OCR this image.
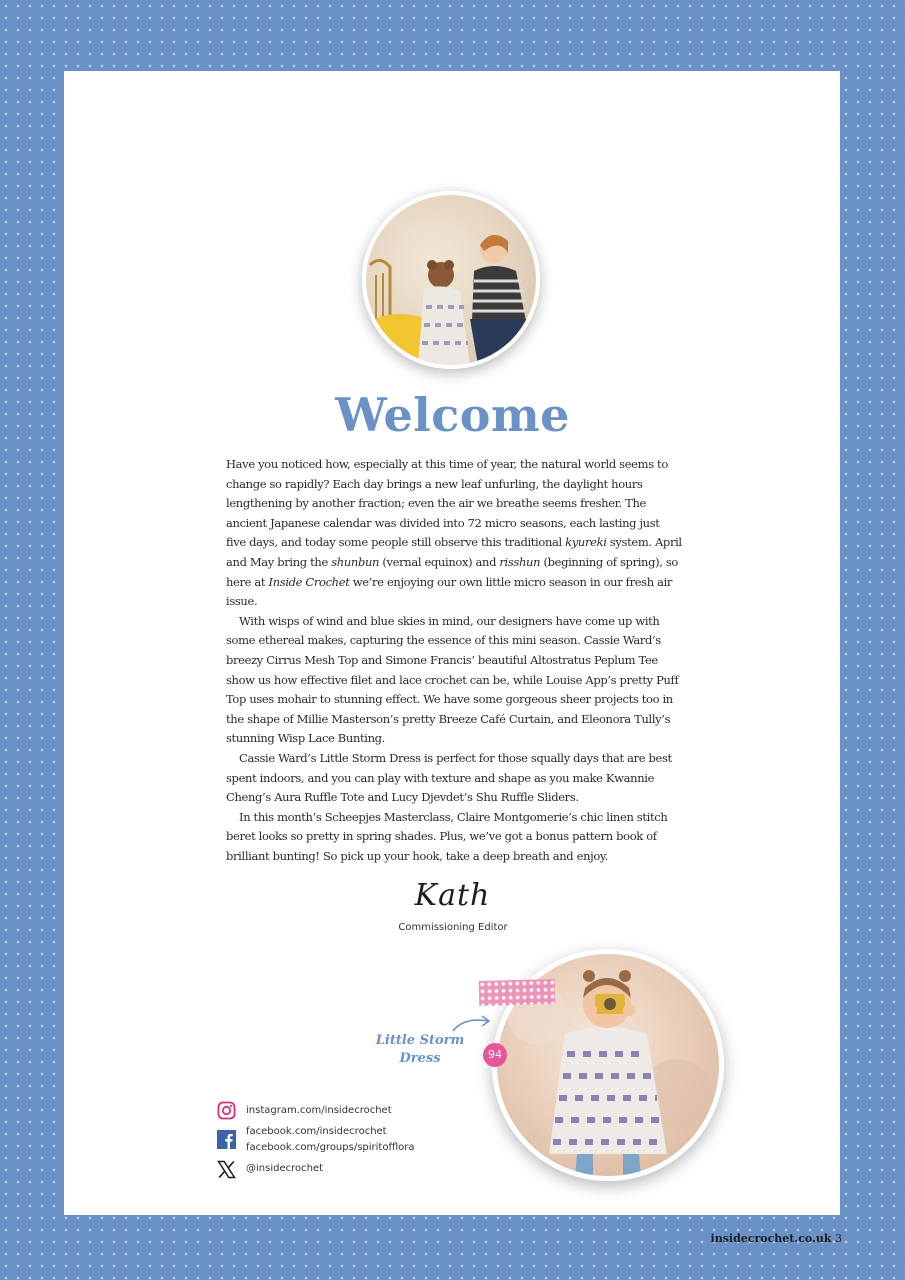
Welcome

Have you noticed how, especially at this time of year, the natural world seems to change so rapidly? Each day brings a new leaf unfurling, the daylight hours lengthening by another fraction; even the air we breathe seems fresher. The ancient Japanese calendar was divided into 72 micro seasons, each lasting just five days, and today some people still observe this traditional kyureki system. April and May bring the shunbun (vernal equinox) and risshun (beginning of spring), so here at Inside Crochet we’re enjoying our own little micro season in our fresh air issue.

With wisps of wind and blue skies in mind, our designers have come up with some ethereal makes, capturing the essence of this mini season. Cassie Ward’s breezy Cirrus Mesh Top and Simone Francis’ beautiful Altostratus Peplum Tee show us how effective filet and lace crochet can be, while Louise App’s pretty Puff Top uses mohair to stunning effect. We have some gorgeous sheer projects too in the shape of Millie Masterson’s pretty Breeze Café Curtain, and Eleonora Tully’s stunning Wisp Lace Bunting.

Cassie Ward’s Little Storm Dress is perfect for those squally days that are best spent indoors, and you can play with texture and shape as you make Kwannie Cheng’s Aura Ruffle Tote and Lucy Djevdet’s Shu Ruffle Sliders.

In this month’s Scheepjes Masterclass, Claire Montgomerie’s chic linen stitch beret looks so pretty in spring shades. Plus, we’ve got a bonus pattern book of brilliant bunting! So pick up your hook, take a deep breath and enjoy.

Kath
Commissioning Editor
Little Storm
Dress	94
instagram.com/insidecrochet
facebook.com/insidecrochet
facebook.com/groups/spiritofflora
@insidecrochet
insidecrochet.co.uk 3
